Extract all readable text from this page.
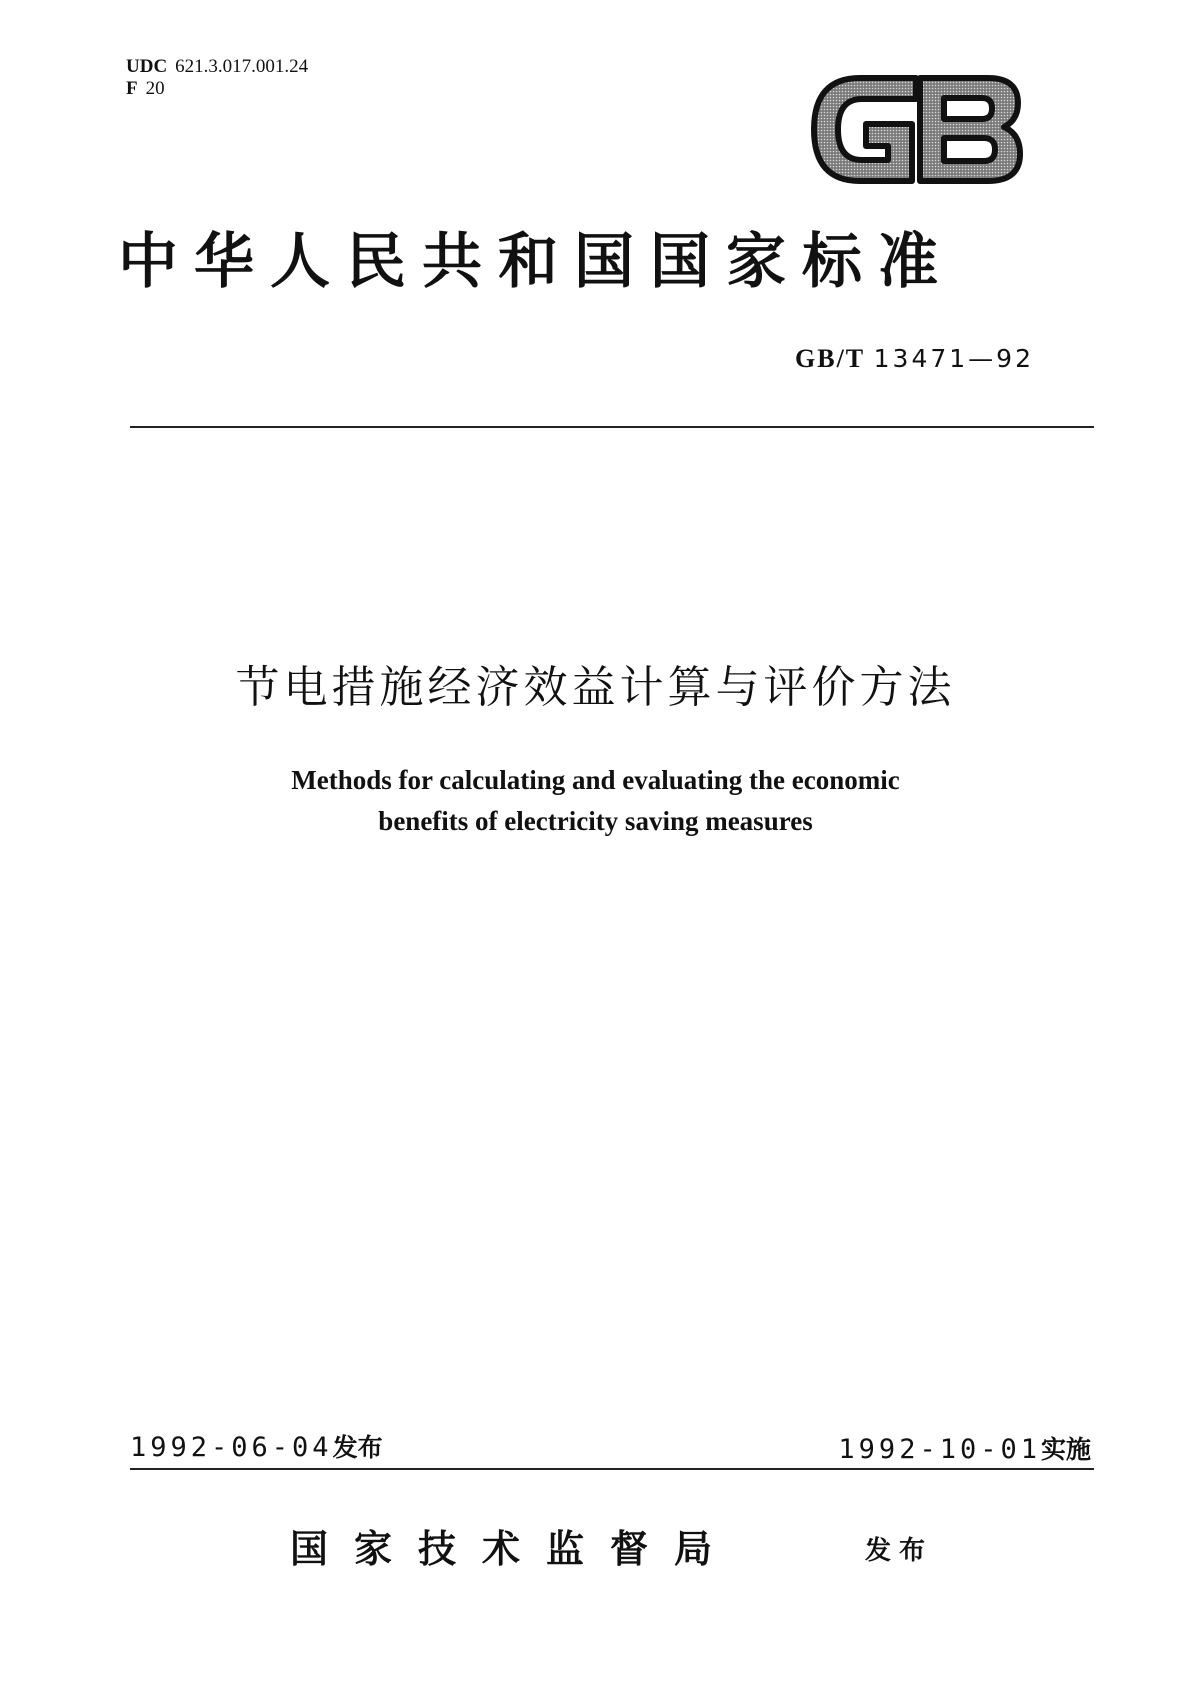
UDC 621.3.017.001.24
F 20
中华人民共和国国家标准
GB/T 13471—92
节电措施经济效益计算与评价方法
Methods for calculating and evaluating the economic
benefits of electricity saving measures
1992-06-04发布	1992-10-01实施
国家技术监督局	发布
